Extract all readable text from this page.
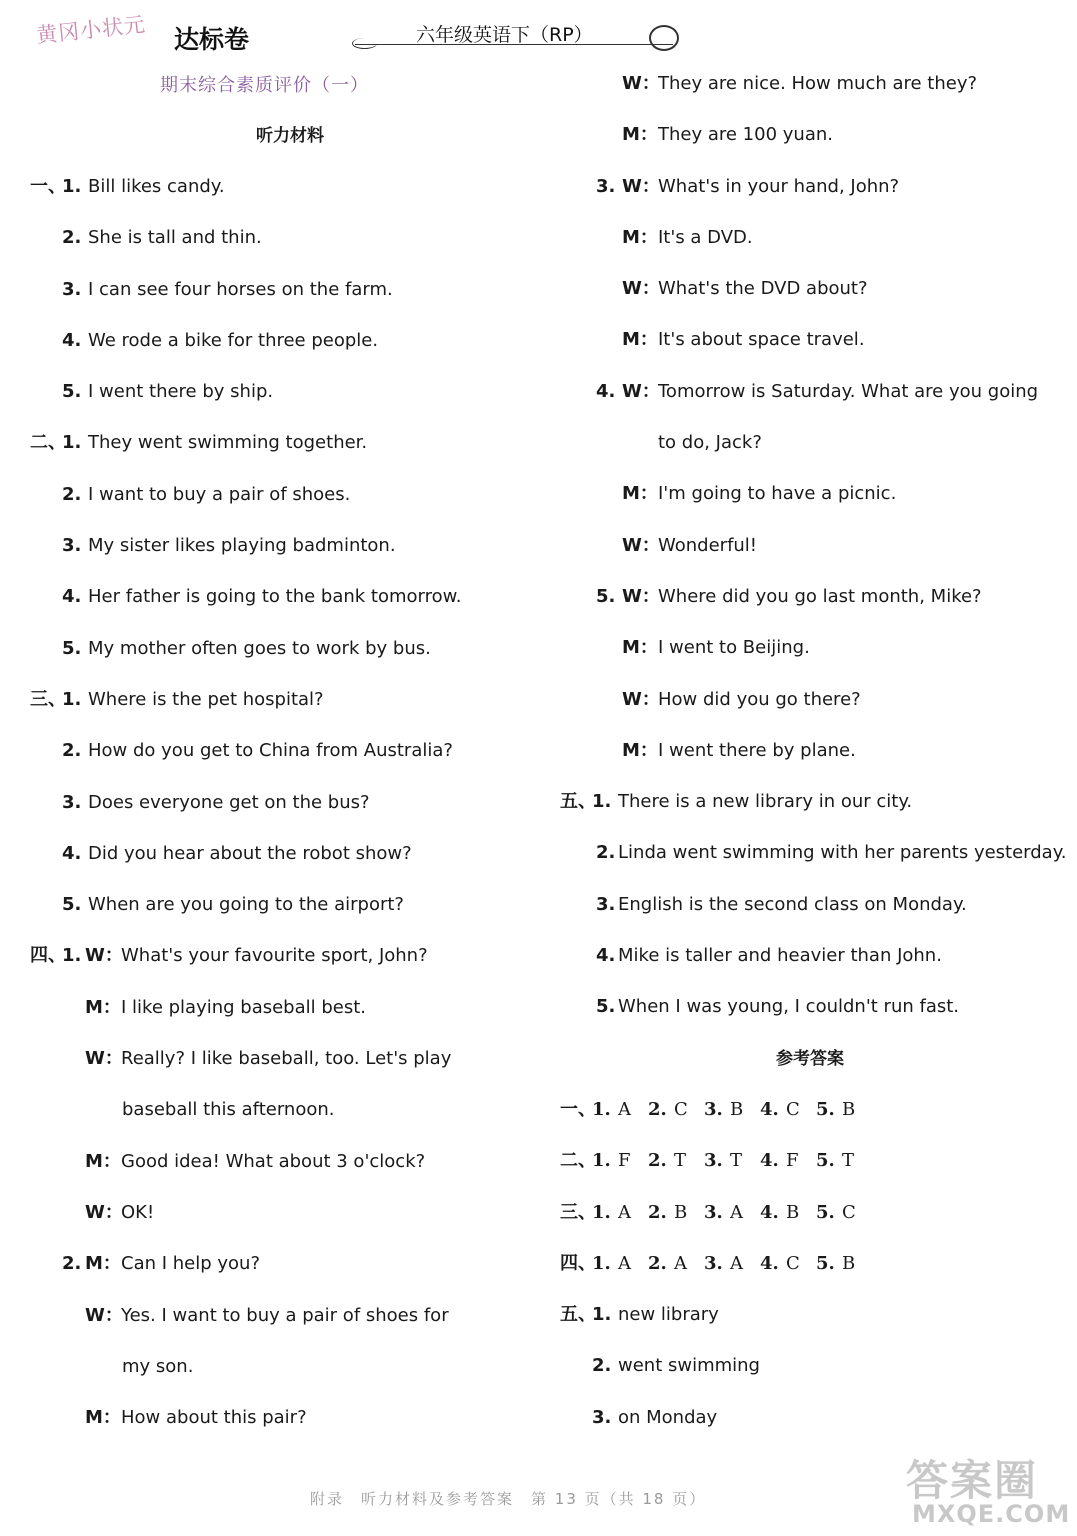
黄冈小状元 达标卷	六年级英语下（RP）
期末综合素质评价（一）
听力材料
一、
1. Bill likes candy.
2. She is tall and thin.
3. I can see four horses on the farm.
4. We rode a bike for three people.
5. I went there by ship.
二、
1. They went swimming together.
2. I want to buy a pair of shoes.
3. My sister likes playing badminton.
4. Her father is going to the bank tomorrow.
5. My mother often goes to work by bus.
三、
1. Where is the pet hospital?
2. How do you get to China from Australia?
3. Does everyone get on the bus?
4. Did you hear about the robot show?
5. When are you going to the airport?
四、
1. W：
What's your favourite sport, John?
M： I like playing baseball best.
W：
Really? I like baseball, too. Let's play
baseball this afternoon.
M： Good idea! What about 3 o'clock?
W：
OK!
2. M： Can I help you?
W：
Yes. I want to buy a pair of shoes for
my son.
M： How about this pair?
W：
They are nice. How much are they?
M： They are 100 yuan.
3. W：
What's in your hand, John?
M： It's a DVD.
W：
What's the DVD about?
M： It's about space travel.
4. W：
Tomorrow is Saturday. What are you going
to do, Jack?
M： I'm going to have a picnic.
W：
Wonderful!
5. W：
Where did you go last month, Mike?
M： I went to Beijing.
W：
How did you go there?
M： I went there by plane.
五、
1. There is a new library in our city.
2. Linda went swimming with her parents yesterday.
3. English is the second class on Monday.
4. Mike is taller and heavier than John.
5. When I was young, I couldn't run fast.
参考答案
一、
1. A 2. C 3. B 4. C 5. B
二、
1. F 2. T 3. T 4. F 5. T
三、
1. A 2. B 3. A 4. B 5. C
四、
1. A 2. A 3. A 4. C 5. B
五、
1. new library
2. went swimming
3. on Monday
附录　听力材料及参考答案　第 13 页（共 18 页）	答案圈
MXQE.COM
